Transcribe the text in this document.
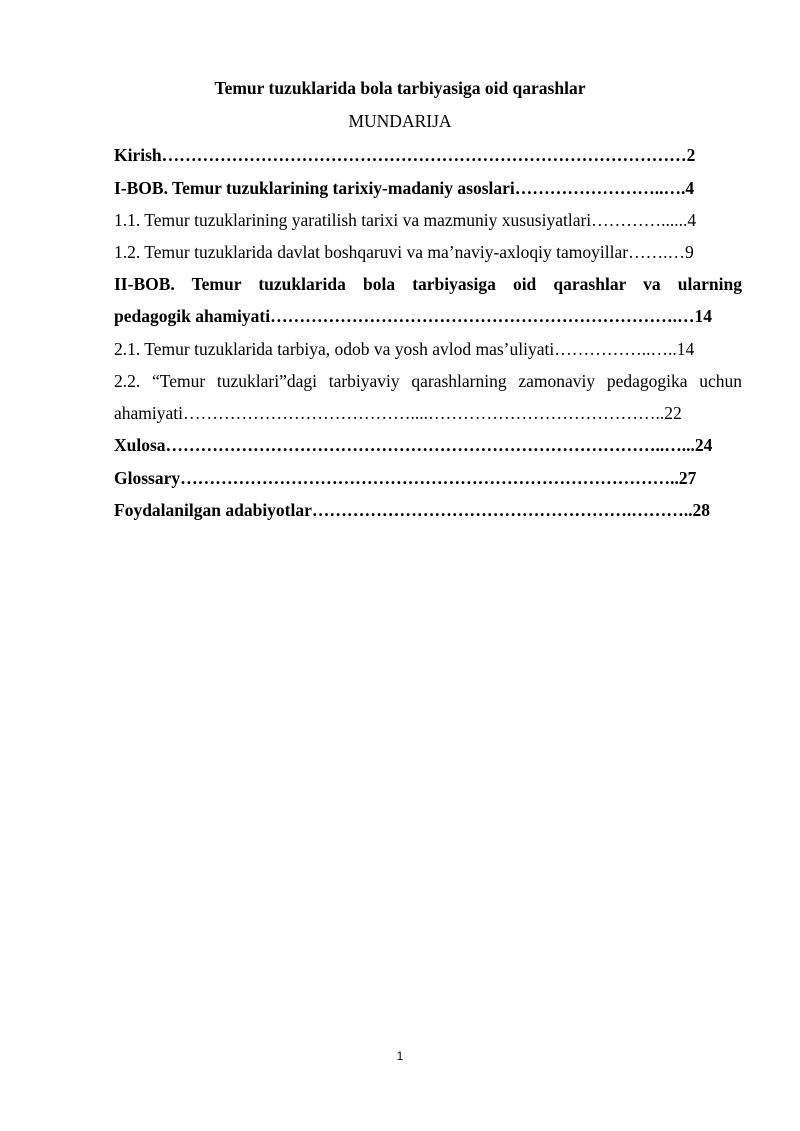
Temur tuzuklarida bola tarbiyasiga oid qarashlar
MUNDARIJA
Kirish………………………………………………………………………………2
I-BOB. Temur tuzuklarining tarixiy-madaniy asoslari……………………..….4
1.1. Temur tuzuklarining yaratilish tarixi va mazmuniy xususiyatlari…………......4
1.2. Temur tuzuklarida davlat boshqaruvi va ma’naviy-axloqiy tamoyillar…….…9
II-BOB. Temur tuzuklarida bola tarbiyasiga oid qarashlar va ularning
pedagogik ahamiyati…………………………………………………………….…14
2.1. Temur tuzuklarida tarbiya, odob va yosh avlod mas’uliyati……………..…..14
2.2. “Temur tuzuklari”dagi tarbiyaviy qarashlarning zamonaviy pedagogika uchun
ahamiyati…………………………………....…………………………………..22
Xulosa…………………………………………………………………………..…...24
Glossary…………………………………………………………………………..27
Foydalanilgan adabiyotlar……………………………………………….………..28
1
